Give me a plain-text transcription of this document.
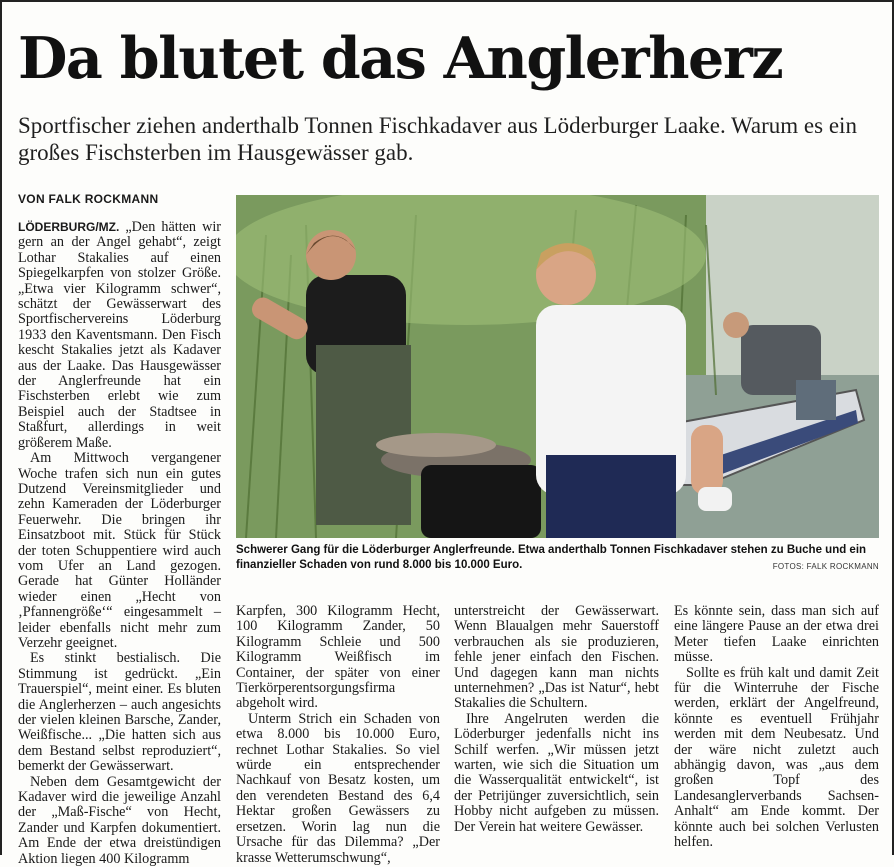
Da blutet das Anglerherz
Sportfischer ziehen anderthalb Tonnen Fischkadaver aus Löderburger Laake. Warum es ein großes Fischsterben im Hausgewässer gab.
VON FALK ROCKMANN

LÖDERBURG/MZ. „Den hätten wir gern an der Angel gehabt“, zeigt Lothar Stakalies auf einen Spiegelkarpfen von stolzer Größe. „Etwa vier Kilogramm schwer“, schätzt der Gewässerwart des Sportfischervereins Löderburg 1933 den Kaventsmann. Den Fisch kescht Stakalies jetzt als Kadaver aus der Laake. Das Hausgewässer der Anglerfreunde hat ein Fischsterben erlebt wie zum Beispiel auch der Stadtsee in Staßfurt, allerdings in weit größerem Maße.

Am Mittwoch vergangener Woche trafen sich nun ein gutes Dutzend Vereinsmitglieder und zehn Kameraden der Löderburger Feuerwehr. Die bringen ihr Einsatzboot mit. Stück für Stück der toten Schuppentiere wird auch vom Ufer an Land gezogen. Gerade hat Günter Holländer wieder einen „Hecht von ‚Pfannengröße‘“ eingesammelt – leider ebenfalls nicht mehr zum Verzehr geeignet.

Es stinkt bestialisch. Die Stimmung ist gedrückt. „Ein Trauerspiel“, meint einer. Es bluten die Anglerherzen – auch angesichts der vielen kleinen Barsche, Zander, Weißfische... „Die hatten sich aus dem Bestand selbst reproduziert“, bemerkt der Gewässerwart.

Neben dem Gesamtgewicht der Kadaver wird die jeweilige Anzahl der „Maß-Fische“ von Hecht, Zander und Karpfen dokumentiert. Am Ende der etwa dreistündigen Aktion liegen 400 Kilogramm

Schwerer Gang für die Löderburger Anglerfreunde. Etwa anderthalb Tonnen Fischkadaver stehen zu Buche und ein finanzieller Schaden von rund 8.000 bis 10.000 Euro.	FOTOS: FALK ROCKMANN

Karpfen, 300 Kilogramm Hecht, 100 Kilogramm Zander, 50 Kilogramm Schleie und 500 Kilogramm Weißfisch im Container, der später von einer Tierkörperentsorgungsfirma abgeholt wird.

Unterm Strich ein Schaden von etwa 8.000 bis 10.000 Euro, rechnet Lothar Stakalies. So viel würde ein entsprechender Nachkauf von Besatz kosten, um den verendeten Bestand des 6,4 Hektar großen Gewässers zu ersetzen. Worin lag nun die Ursache für das Dilemma? „Der krasse Wetterumschwung“,

unterstreicht der Gewässerwart. Wenn Blaualgen mehr Sauerstoff verbrauchen als sie produzieren, fehle jener einfach den Fischen. Und dagegen kann man nichts unternehmen? „Das ist Natur“, hebt Stakalies die Schultern.

Ihre Angelruten werden die Löderburger jedenfalls nicht ins Schilf werfen. „Wir müssen jetzt warten, wie sich die Situation um die Wasserqualität entwickelt“, ist der Petrijünger zuversichtlich, sein Hobby nicht aufgeben zu müssen. Der Verein hat weitere Gewässer.

Es könnte sein, dass man sich auf eine längere Pause an der etwa drei Meter tiefen Laake einrichten müsse.

Sollte es früh kalt und damit Zeit für die Winterruhe der Fische werden, erklärt der Angelfreund, könnte es eventuell Frühjahr werden mit dem Neubesatz. Und der wäre nicht zuletzt auch abhängig davon, was „aus dem großen Topf des Landesanglerverbands Sachsen-Anhalt“ am Ende kommt. Der könnte auch bei solchen Verlusten helfen.
